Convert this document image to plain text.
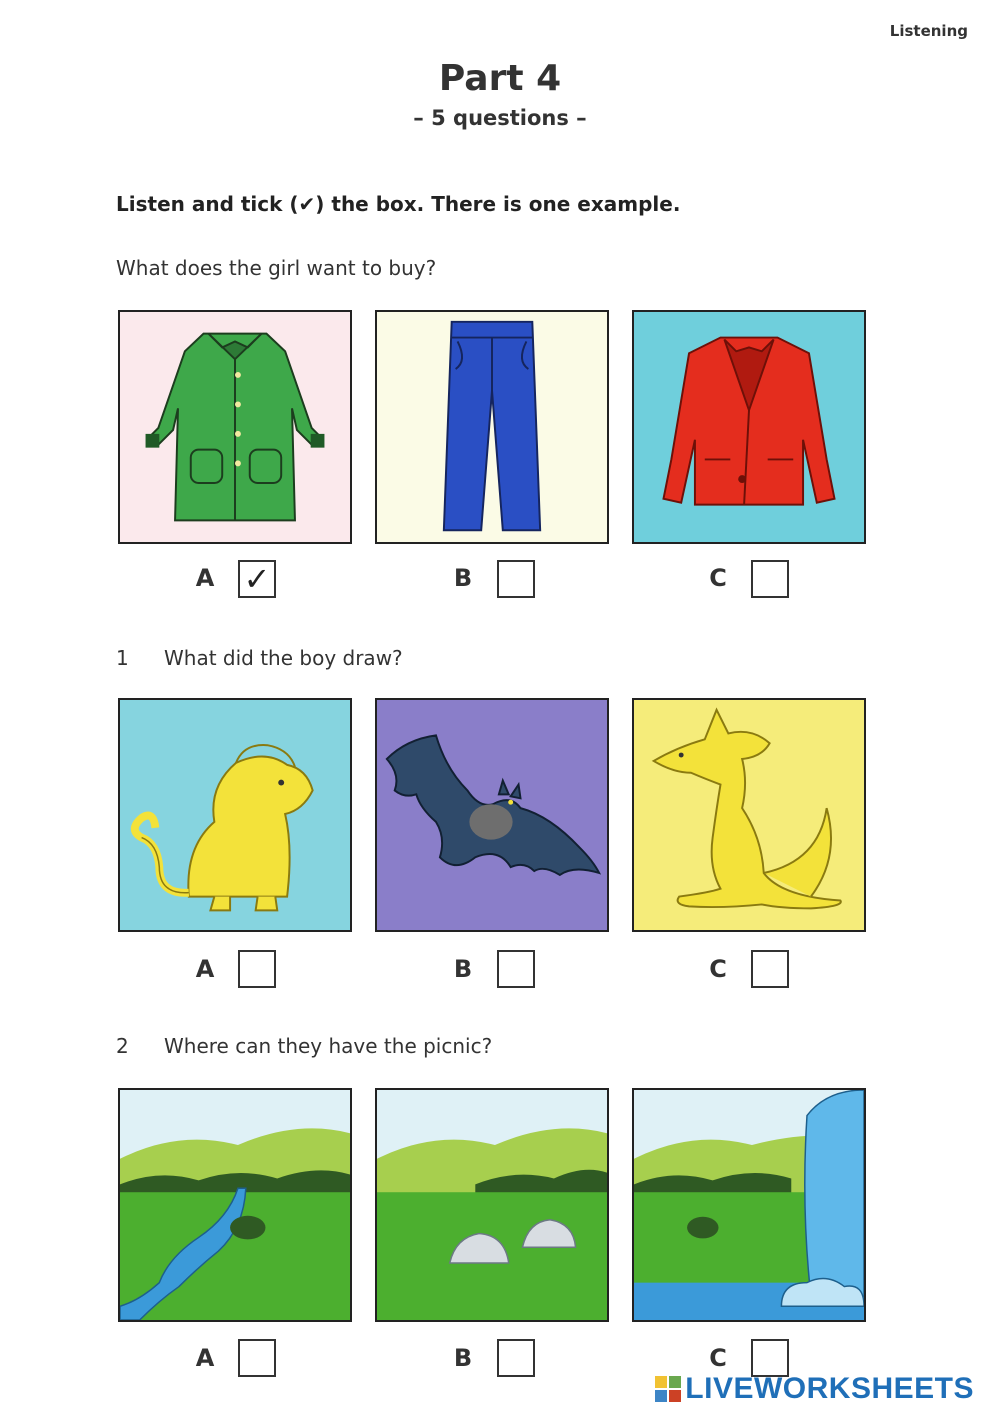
Listening
Part 4
– 5 questions –
Listen and tick (✔) the box. There is one example.
What does the girl want to buy?
A ✓	B	C
1 What did the boy draw?
A	B	C
2 Where can they have the picnic?
A	B	C
LIVEWORKSHEETS
